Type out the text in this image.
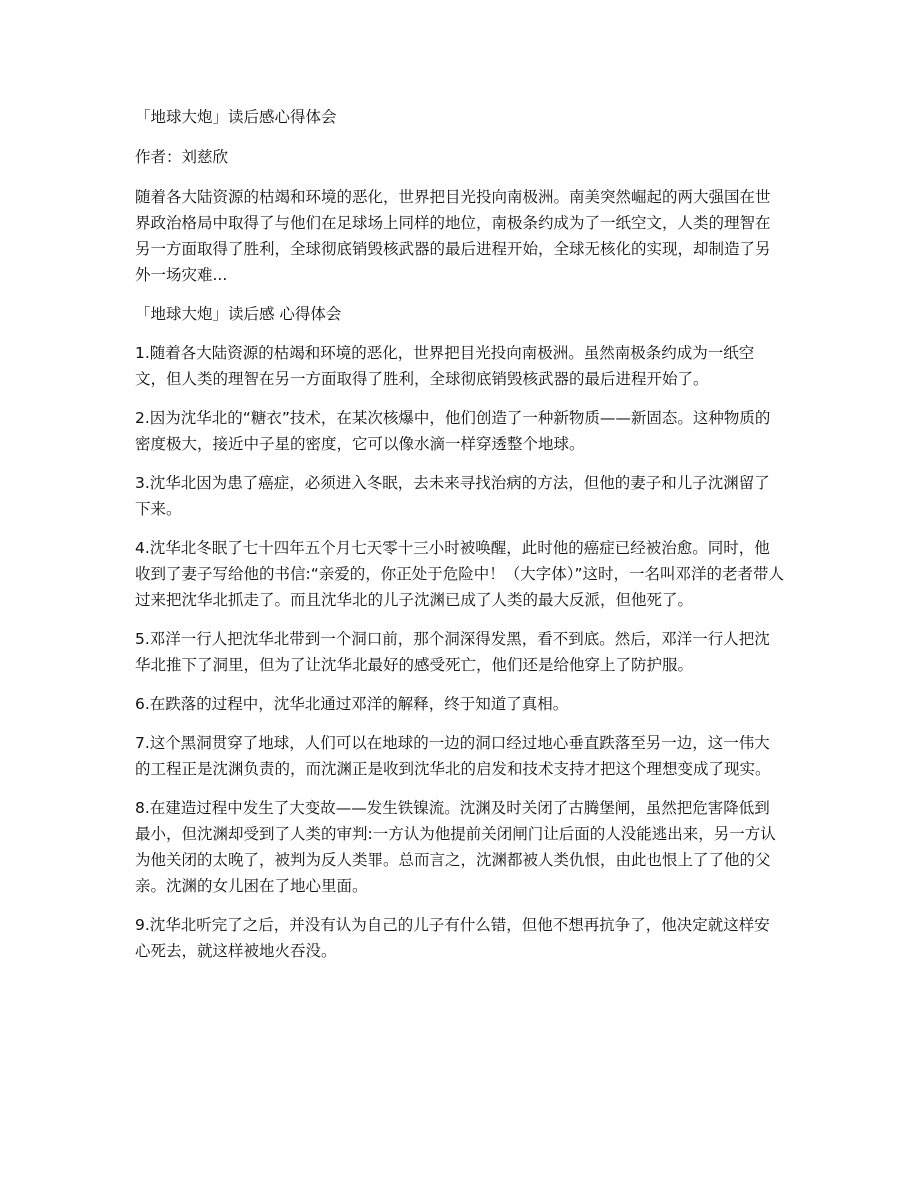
「地球大炮」读后感心得体会

作者：刘慈欣

随着各大陆资源的枯竭和环境的恶化，世界把目光投向南极洲。南美突然崛起的两大强国在世界政治格局中取得了与他们在足球场上同样的地位，南极条约成为了一纸空文，人类的理智在另一方面取得了胜利，全球彻底销毁核武器的最后进程开始，全球无核化的实现，却制造了另外一场灾难...

「地球大炮」读后感 心得体会

1.随着各大陆资源的枯竭和环境的恶化，世界把目光投向南极洲。虽然南极条约成为一纸空文，但人类的理智在另一方面取得了胜利，全球彻底销毁核武器的最后进程开始了。

2.因为沈华北的“糖衣”技术，在某次核爆中，他们创造了一种新物质——新固态。这种物质的密度极大，接近中子星的密度，它可以像水滴一样穿透整个地球。

3.沈华北因为患了癌症，必须进入冬眠，去未来寻找治病的方法，但他的妻子和儿子沈渊留了下来。

4.沈华北冬眠了七十四年五个月七天零十三小时被唤醒，此时他的癌症已经被治愈。同时，他收到了妻子写给他的书信:“亲爱的，你正处于危险中！（大字体）”这时，一名叫邓洋的老者带人过来把沈华北抓走了。而且沈华北的儿子沈渊已成了人类的最大反派，但他死了。

5.邓洋一行人把沈华北带到一个洞口前，那个洞深得发黑，看不到底。然后，邓洋一行人把沈华北推下了洞里，但为了让沈华北最好的感受死亡，他们还是给他穿上了防护服。

6.在跌落的过程中，沈华北通过邓洋的解释，终于知道了真相。

7.这个黑洞贯穿了地球，人们可以在地球的一边的洞口经过地心垂直跌落至另一边，这一伟大的工程正是沈渊负责的，而沈渊正是收到沈华北的启发和技术支持才把这个理想变成了现实。

8.在建造过程中发生了大变故——发生铁镍流。沈渊及时关闭了古腾堡闸，虽然把危害降低到最小，但沈渊却受到了人类的审判:一方认为他提前关闭闸门让后面的人没能逃出来，另一方认为他关闭的太晚了，被判为反人类罪。总而言之，沈渊都被人类仇恨，由此也恨上了了他的父亲。沈渊的女儿困在了地心里面。

9.沈华北听完了之后，并没有认为自己的儿子有什么错，但他不想再抗争了，他决定就这样安心死去，就这样被地火吞没。
